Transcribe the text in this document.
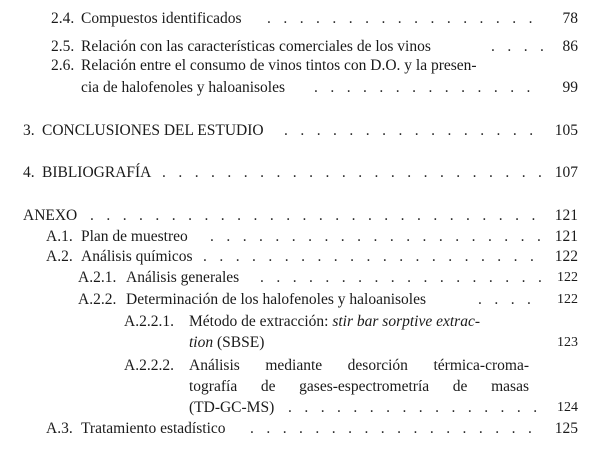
2.4. Compuestos identificados . . .	78
2.5. Relación con las características comerciales de los vinos . . .	86
2.6. Relación entre el consumo de vinos tintos con D.O. y la presen-
cia de halofenoles y haloanisoles . . .	99
3. CONCLUSIONES DEL ESTUDIO . . .	105
4. BIBLIOGRAFÍA . . .	107
ANEXO . . .	121
A.1. Plan de muestreo . . .	121
A.2. Análisis químicos . . .	122
A.2.1. Análisis generales . . .	122
A.2.2. Determinación de los halofenoles y haloanisoles . . .	122
A.2.2.1. Método de extracción: stir bar sorptive extrac-
tion (SBSE)	123
A.2.2.2. Análisis mediante desorción térmica-croma-
tografía de gases-espectrometría de masas
(TD-GC-MS) . . .	124
A.3. Tratamiento estadístico . . .	125
